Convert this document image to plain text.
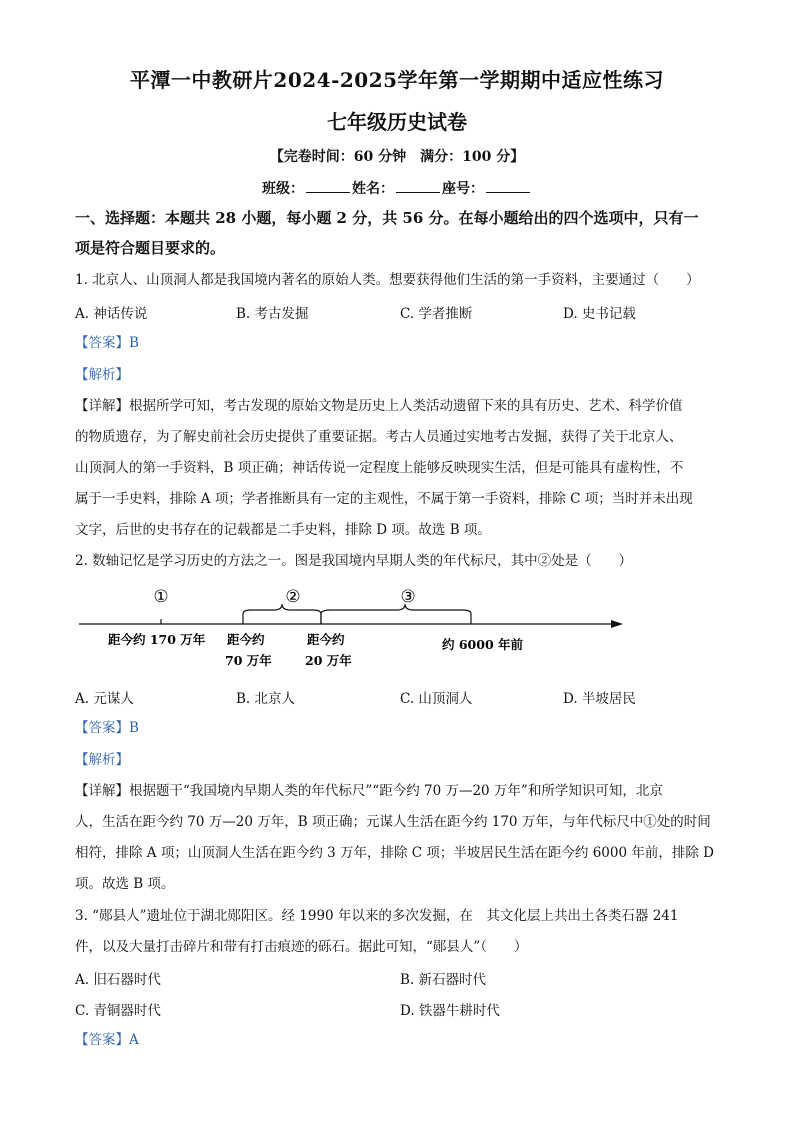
平潭一中教研片2024-2025学年第一学期期中适应性练习
七年级历史试卷
【完卷时间：60 分钟　满分：100 分】
班级：	姓名：	座号：
一、选择题：本题共 28 小题，每小题 2 分，共 56 分。在每小题给出的四个选项中，只有一
项是符合题目要求的。
1. 北京人、山顶洞人都是我国境内著名的原始人类。想要获得他们生活的第一手资料，主要通过（　　）
A. 神话传说	B. 考古发掘	C. 学者推断	D. 史书记载
【答案】B
【解析】
【详解】根据所学可知，考古发现的原始文物是历史上人类活动遗留下来的具有历史、艺术、科学价值
的物质遗存，为了解史前社会历史提供了重要证据。考古人员通过实地考古发掘，获得了关于北京人、
山顶洞人的第一手资料，B 项正确；神话传说一定程度上能够反映现实生活，但是可能具有虚构性，不
属于一手史料，排除 A 项；学者推断具有一定的主观性，不属于第一手资料，排除 C 项；当时并未出现
文字，后世的史书存在的记载都是二手史料，排除 D 项。故选 B 项。
2. 数轴记忆是学习历史的方法之一。图是我国境内早期人类的年代标尺，其中②处是（　　）
①	②	③
距今约 170 万年 距今约
70 万年
距今约
20 万年
约 6000 年前
A. 元谋人	B. 北京人	C. 山顶洞人	D. 半坡居民
【答案】B
【解析】
【详解】根据题干“我国境内早期人类的年代标尺”“距今约 70 万—20 万年”和所学知识可知，北京
人，生活在距今约 70 万—20 万年，B 项正确；元谋人生活在距今约 170 万年，与年代标尺中①处的时间
相符，排除 A 项；山顶洞人生活在距今约 3 万年，排除 C 项；半坡居民生活在距今约 6000 年前，排除 D
项。故选 B 项。
3. “郧县人”遗址位于湖北郧阳区。经 1990 年以来的多次发掘，在　其文化层上共出土各类石器 241
件，以及大量打击碎片和带有打击痕迹的砾石。据此可知，“郧县人”（　　）
A. 旧石器时代	B. 新石器时代
C. 青铜器时代	D. 铁器牛耕时代
【答案】A
